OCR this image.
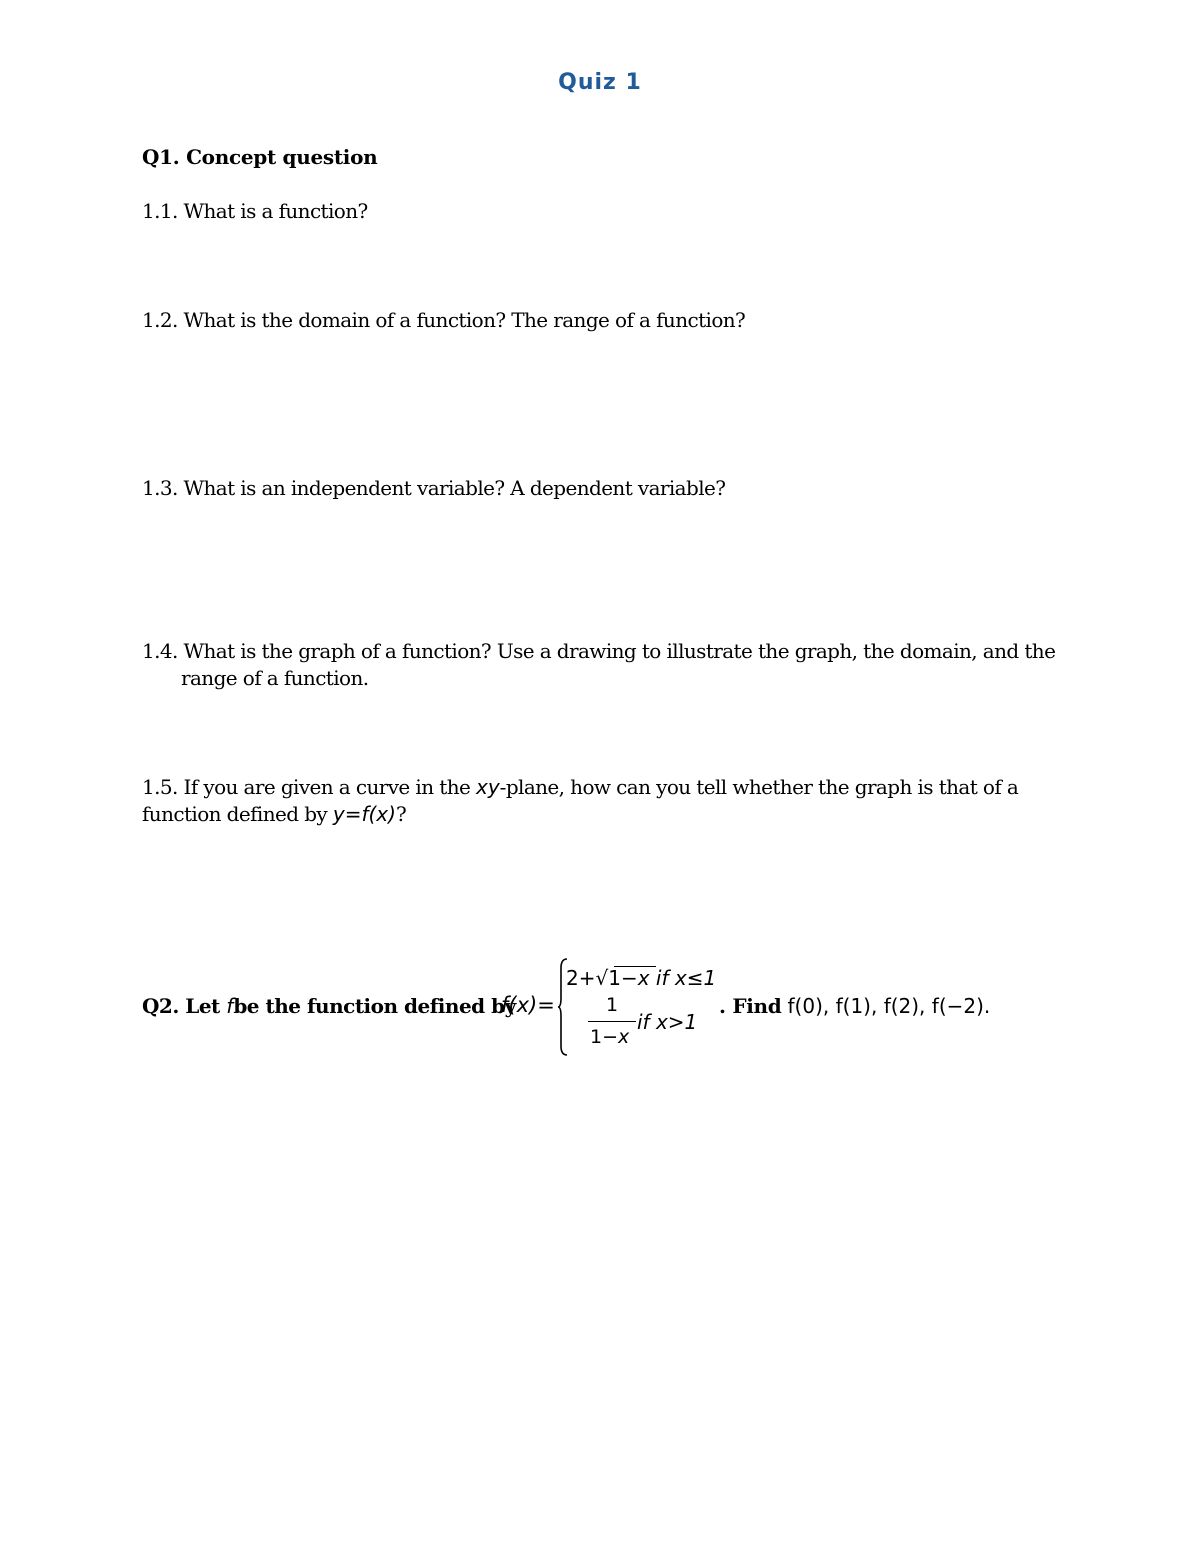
Quiz 1
Q1. Concept question
1.1. What is a function?
1.2. What is the domain of a function? The range of a function?
1.3. What is an independent variable? A dependent variable?
1.4. What is the graph of a function? Use a drawing to illustrate the graph, the domain, and the
range of a function.
1.5. If you are given a curve in the xy-plane, how can you tell whether the graph is that of a
function defined by y=f(x)?
Q2. Let fbe the function defined by
f(x)=
2+√1−x if x≤1
1
1−x
if x>1
. Find f(0), f(1), f(2), f(−2).
